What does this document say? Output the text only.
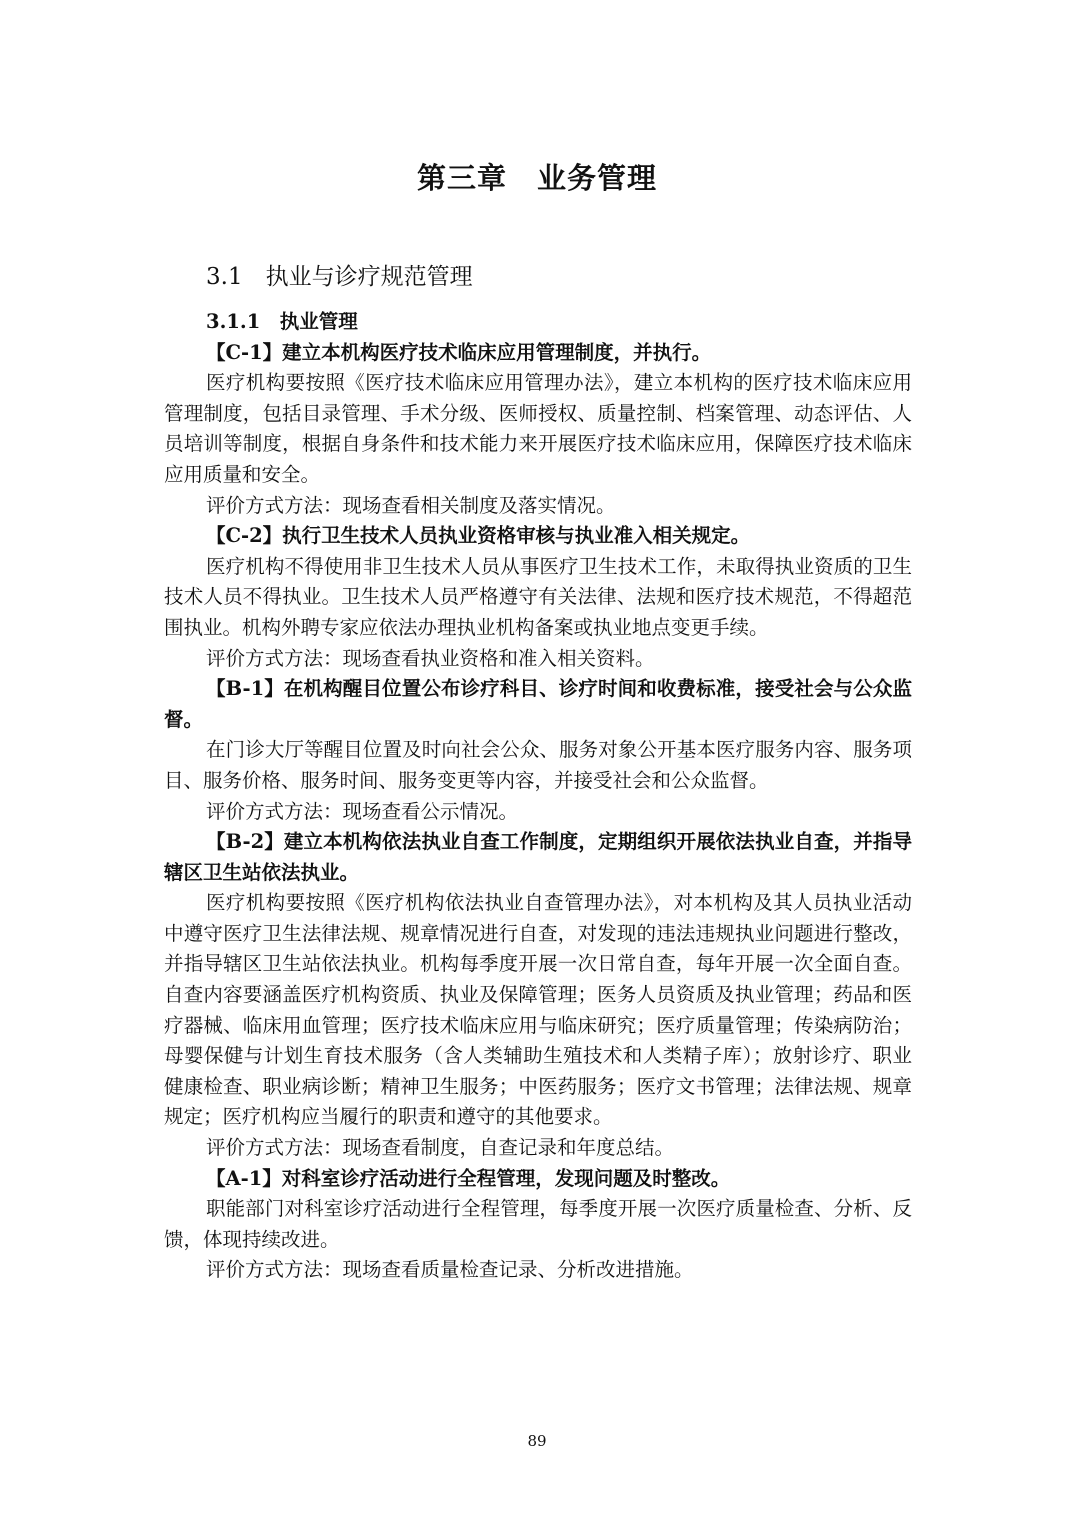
第三章　业务管理
3.1　执业与诊疗规范管理

3.1.1　执业管理

【C-1】建立本机构医疗技术临床应用管理制度，并执行。

医疗机构要按照《医疗技术临床应用管理办法》，建立本机构的医疗技术临床应用管理制度，包括目录管理、手术分级、医师授权、质量控制、档案管理、动态评估、人员培训等制度，根据自身条件和技术能力来开展医疗技术临床应用，保障医疗技术临床应用质量和安全。

评价方式方法：现场查看相关制度及落实情况。

【C-2】执行卫生技术人员执业资格审核与执业准入相关规定。

医疗机构不得使用非卫生技术人员从事医疗卫生技术工作，未取得执业资质的卫生技术人员不得执业。卫生技术人员严格遵守有关法律、法规和医疗技术规范，不得超范围执业。机构外聘专家应依法办理执业机构备案或执业地点变更手续。

评价方式方法：现场查看执业资格和准入相关资料。

【B-1】在机构醒目位置公布诊疗科目、诊疗时间和收费标准，接受社会与公众监督。

在门诊大厅等醒目位置及时向社会公众、服务对象公开基本医疗服务内容、服务项目、服务价格、服务时间、服务变更等内容，并接受社会和公众监督。

评价方式方法：现场查看公示情况。

【B-2】建立本机构依法执业自查工作制度，定期组织开展依法执业自查，并指导辖区卫生站依法执业。

医疗机构要按照《医疗机构依法执业自查管理办法》，对本机构及其人员执业活动中遵守医疗卫生法律法规、规章情况进行自查，对发现的违法违规执业问题进行整改，并指导辖区卫生站依法执业。机构每季度开展一次日常自查，每年开展一次全面自查。自查内容要涵盖医疗机构资质、执业及保障管理；医务人员资质及执业管理；药品和医疗器械、临床用血管理；医疗技术临床应用与临床研究；医疗质量管理；传染病防治；母婴保健与计划生育技术服务（含人类辅助生殖技术和人类精子库）；放射诊疗、职业健康检查、职业病诊断；精神卫生服务；中医药服务；医疗文书管理；法律法规、规章规定；医疗机构应当履行的职责和遵守的其他要求。

评价方式方法：现场查看制度，自查记录和年度总结。

【A-1】对科室诊疗活动进行全程管理，发现问题及时整改。

职能部门对科室诊疗活动进行全程管理，每季度开展一次医疗质量检查、分析、反馈，体现持续改进。

评价方式方法：现场查看质量检查记录、分析改进措施。

89
